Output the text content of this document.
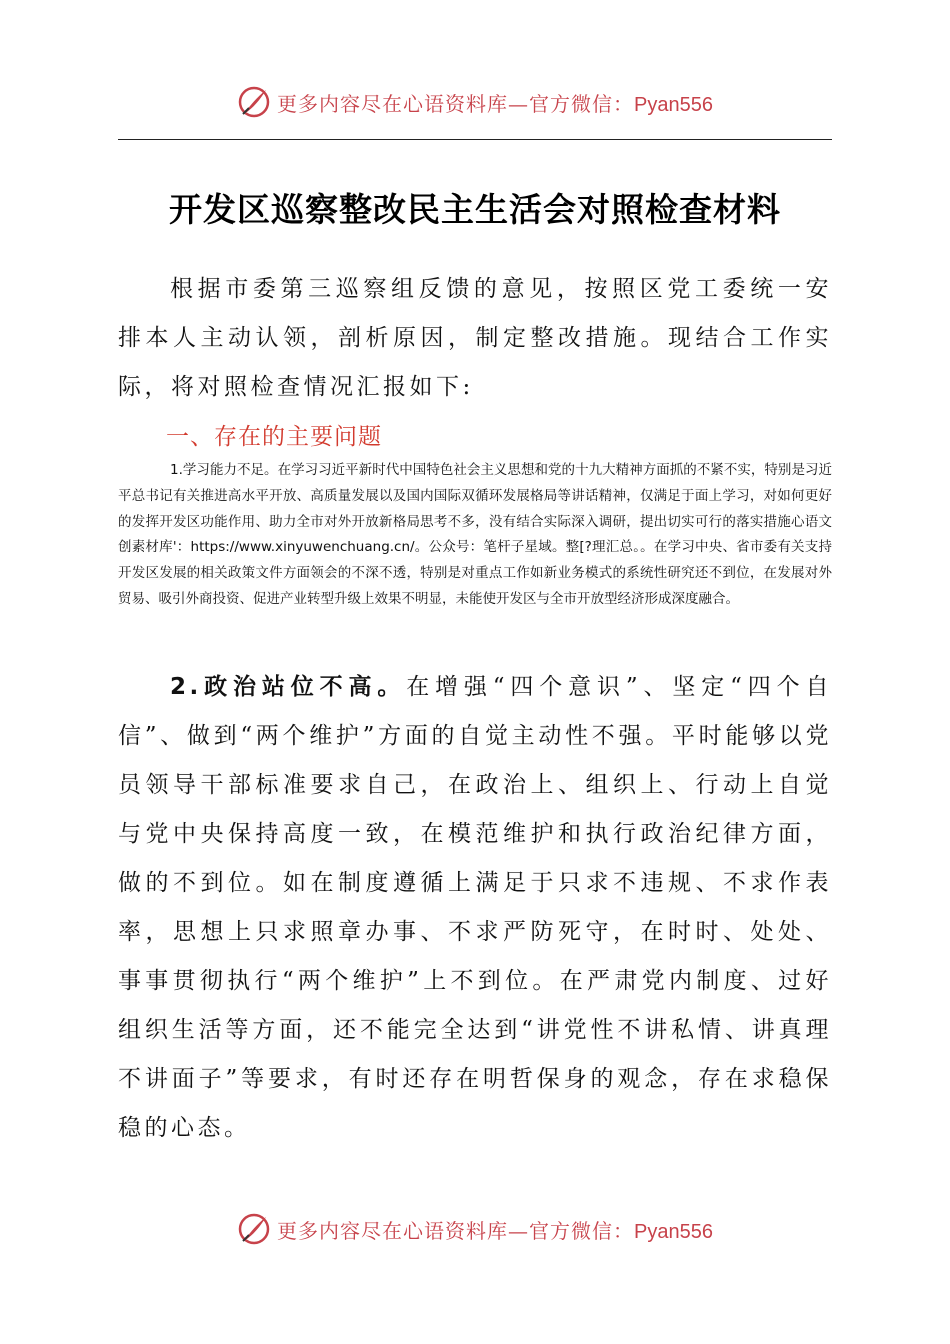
更多内容尽在心语资料库—官方微信：Pyan556
开发区巡察整改民主生活会对照检查材料
根据市委第三巡察组反馈的意见，按照区党工委统一安排本人主动认领，剖析原因，制定整改措施。现结合工作实际，将对照检查情况汇报如下:
一、存在的主要问题
1.学习能力不足。在学习习近平新时代中国特色社会主义思想和党的十九大精神方面抓的不紧不实，特别是习近平总书记有关推进高水平开放、高质量发展以及国内国际双循环发展格局等讲话精神，仅满足于面上学习，对如何更好的发挥开发区功能作用、助力全市对外开放新格局思考不多，没有结合实际深入调研，提出切实可行的落实措施心语文创素材库'：https://www.xinyuwenchuang.cn/。公众号：笔杆子星域。整[?理汇总。。在学习中央、省市委有关支持开发区发展的相关政策文件方面领会的不深不透，特别是对重点工作如新业务模式的系统性研究还不到位，在发展对外贸易、吸引外商投资、促进产业转型升级上效果不明显，未能使开发区与全市开放型经济形成深度融合。
2.政治站位不高。在增强“四个意识”、坚定“四个自信”、做到“两个维护”方面的自觉主动性不强。平时能够以党员领导干部标准要求自己，在政治上、组织上、行动上自觉与党中央保持高度一致，在模范维护和执行政治纪律方面，做的不到位。如在制度遵循上满足于只求不违规、不求作表率，思想上只求照章办事、不求严防死守，在时时、处处、事事贯彻执行“两个维护”上不到位。在严肃党内制度、过好组织生活等方面，还不能完全达到“讲党性不讲私情、讲真理不讲面子”等要求，有时还存在明哲保身的观念，存在求稳保稳的心态。
更多内容尽在心语资料库—官方微信：Pyan556
